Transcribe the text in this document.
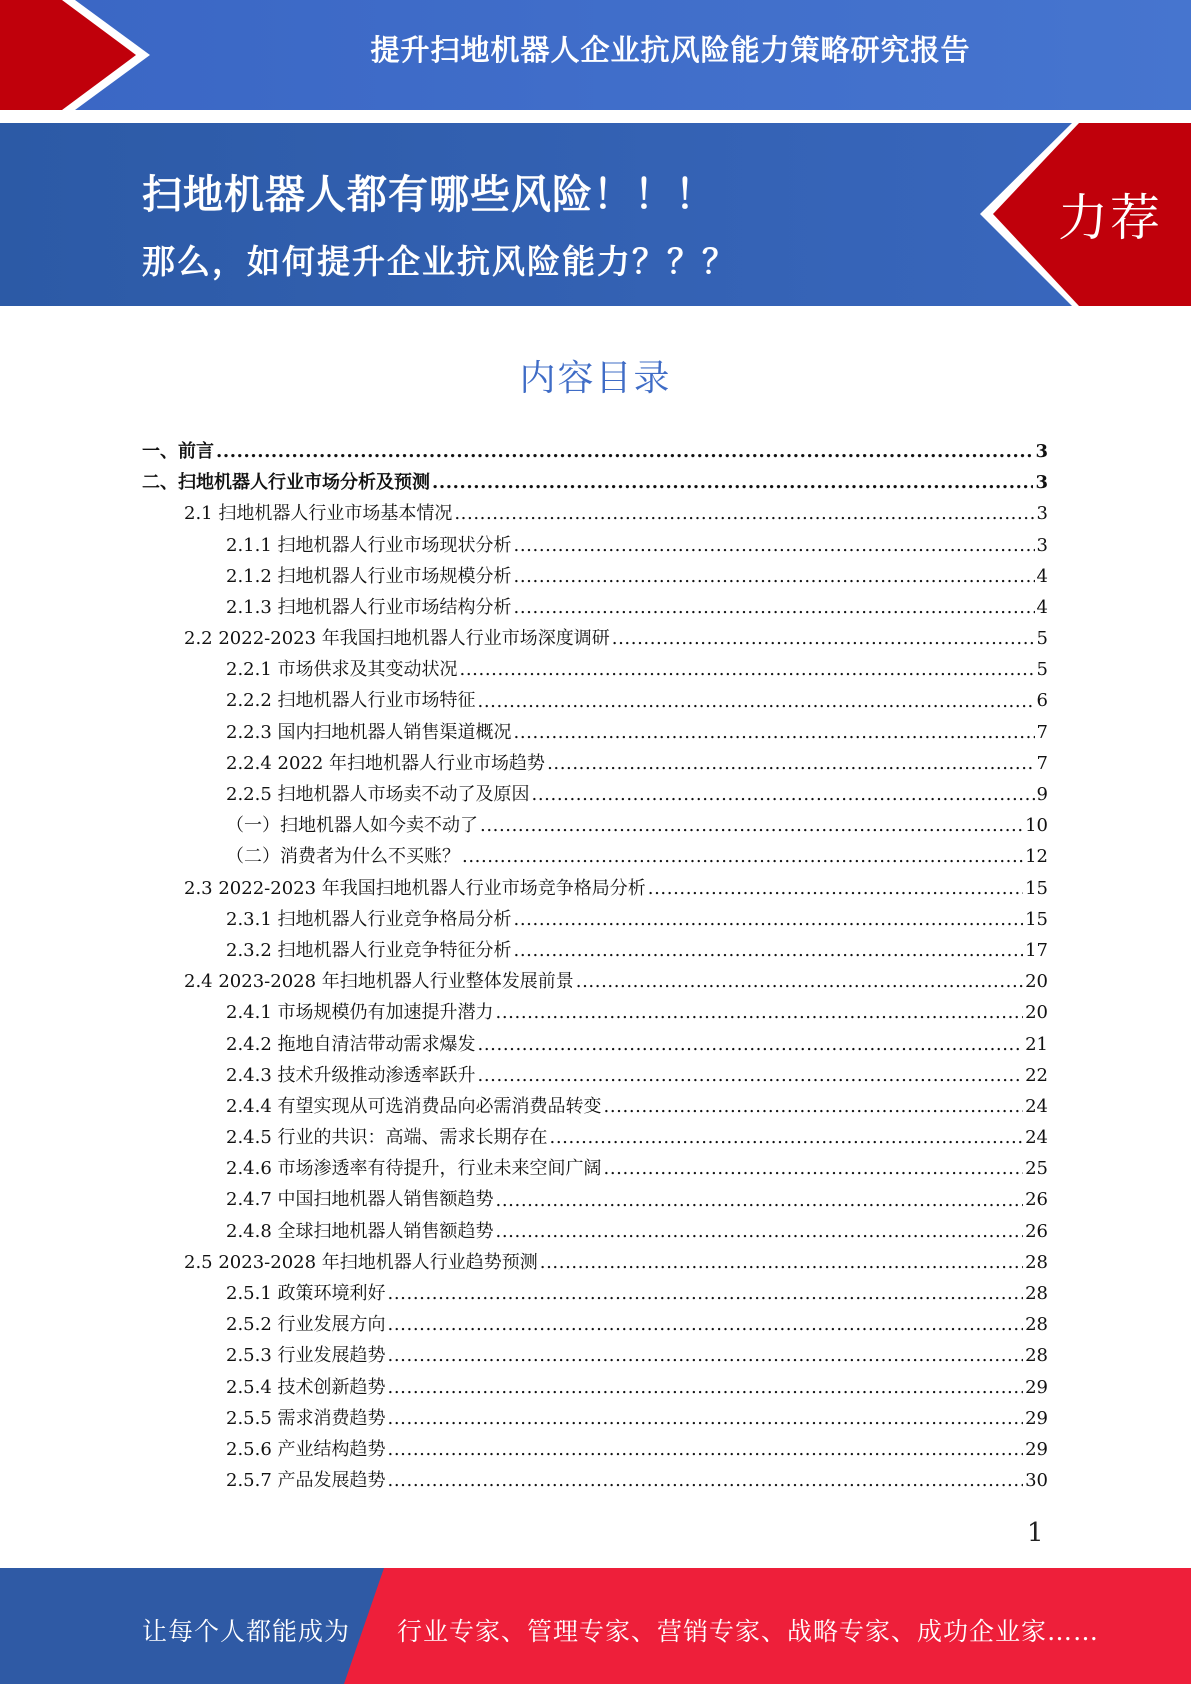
提升扫地机器人企业抗风险能力策略研究报告
扫地机器人都有哪些风险！！！
那么，如何提升企业抗风险能力？？？
力荐
内容目录
一、前言 .....	3
二、扫地机器人行业市场分析及预测 .....	3
2.1 扫地机器人行业市场基本情况 .....	3
2.1.1 扫地机器人行业市场现状分析 .....	3
2.1.2 扫地机器人行业市场规模分析 .....	4
2.1.3 扫地机器人行业市场结构分析 .....	4
2.2 2022-2023 年我国扫地机器人行业市场深度调研 .....	5
2.2.1 市场供求及其变动状况 .....	5
2.2.2 扫地机器人行业市场特征 .....	6
2.2.3 国内扫地机器人销售渠道概况 .....	7
2.2.4 2022 年扫地机器人行业市场趋势 .....	7
2.2.5 扫地机器人市场卖不动了及原因 .....	9
（一）扫地机器人如今卖不动了 .....	10
（二）消费者为什么不买账？ .....	12
2.3 2022-2023 年我国扫地机器人行业市场竞争格局分析 .....	15
2.3.1 扫地机器人行业竞争格局分析 .....	15
2.3.2 扫地机器人行业竞争特征分析 .....	17
2.4 2023-2028 年扫地机器人行业整体发展前景 .....	20
2.4.1 市场规模仍有加速提升潜力 .....	20
2.4.2 拖地自清洁带动需求爆发 .....	21
2.4.3 技术升级推动渗透率跃升 .....	22
2.4.4 有望实现从可选消费品向必需消费品转变 .....	24
2.4.5 行业的共识：高端、需求长期存在 .....	24
2.4.6 市场渗透率有待提升，行业未来空间广阔 .....	25
2.4.7 中国扫地机器人销售额趋势 .....	26
2.4.8 全球扫地机器人销售额趋势 .....	26
2.5 2023-2028 年扫地机器人行业趋势预测 .....	28
2.5.1 政策环境利好 .....	28
2.5.2 行业发展方向 .....	28
2.5.3 行业发展趋势 .....	28
2.5.4 技术创新趋势 .....	29
2.5.5 需求消费趋势 .....	29
2.5.6 产业结构趋势 .....	29
2.5.7 产品发展趋势 .....	30
1
让每个人都能成为 行业专家、管理专家、营销专家、战略专家、成功企业家……
